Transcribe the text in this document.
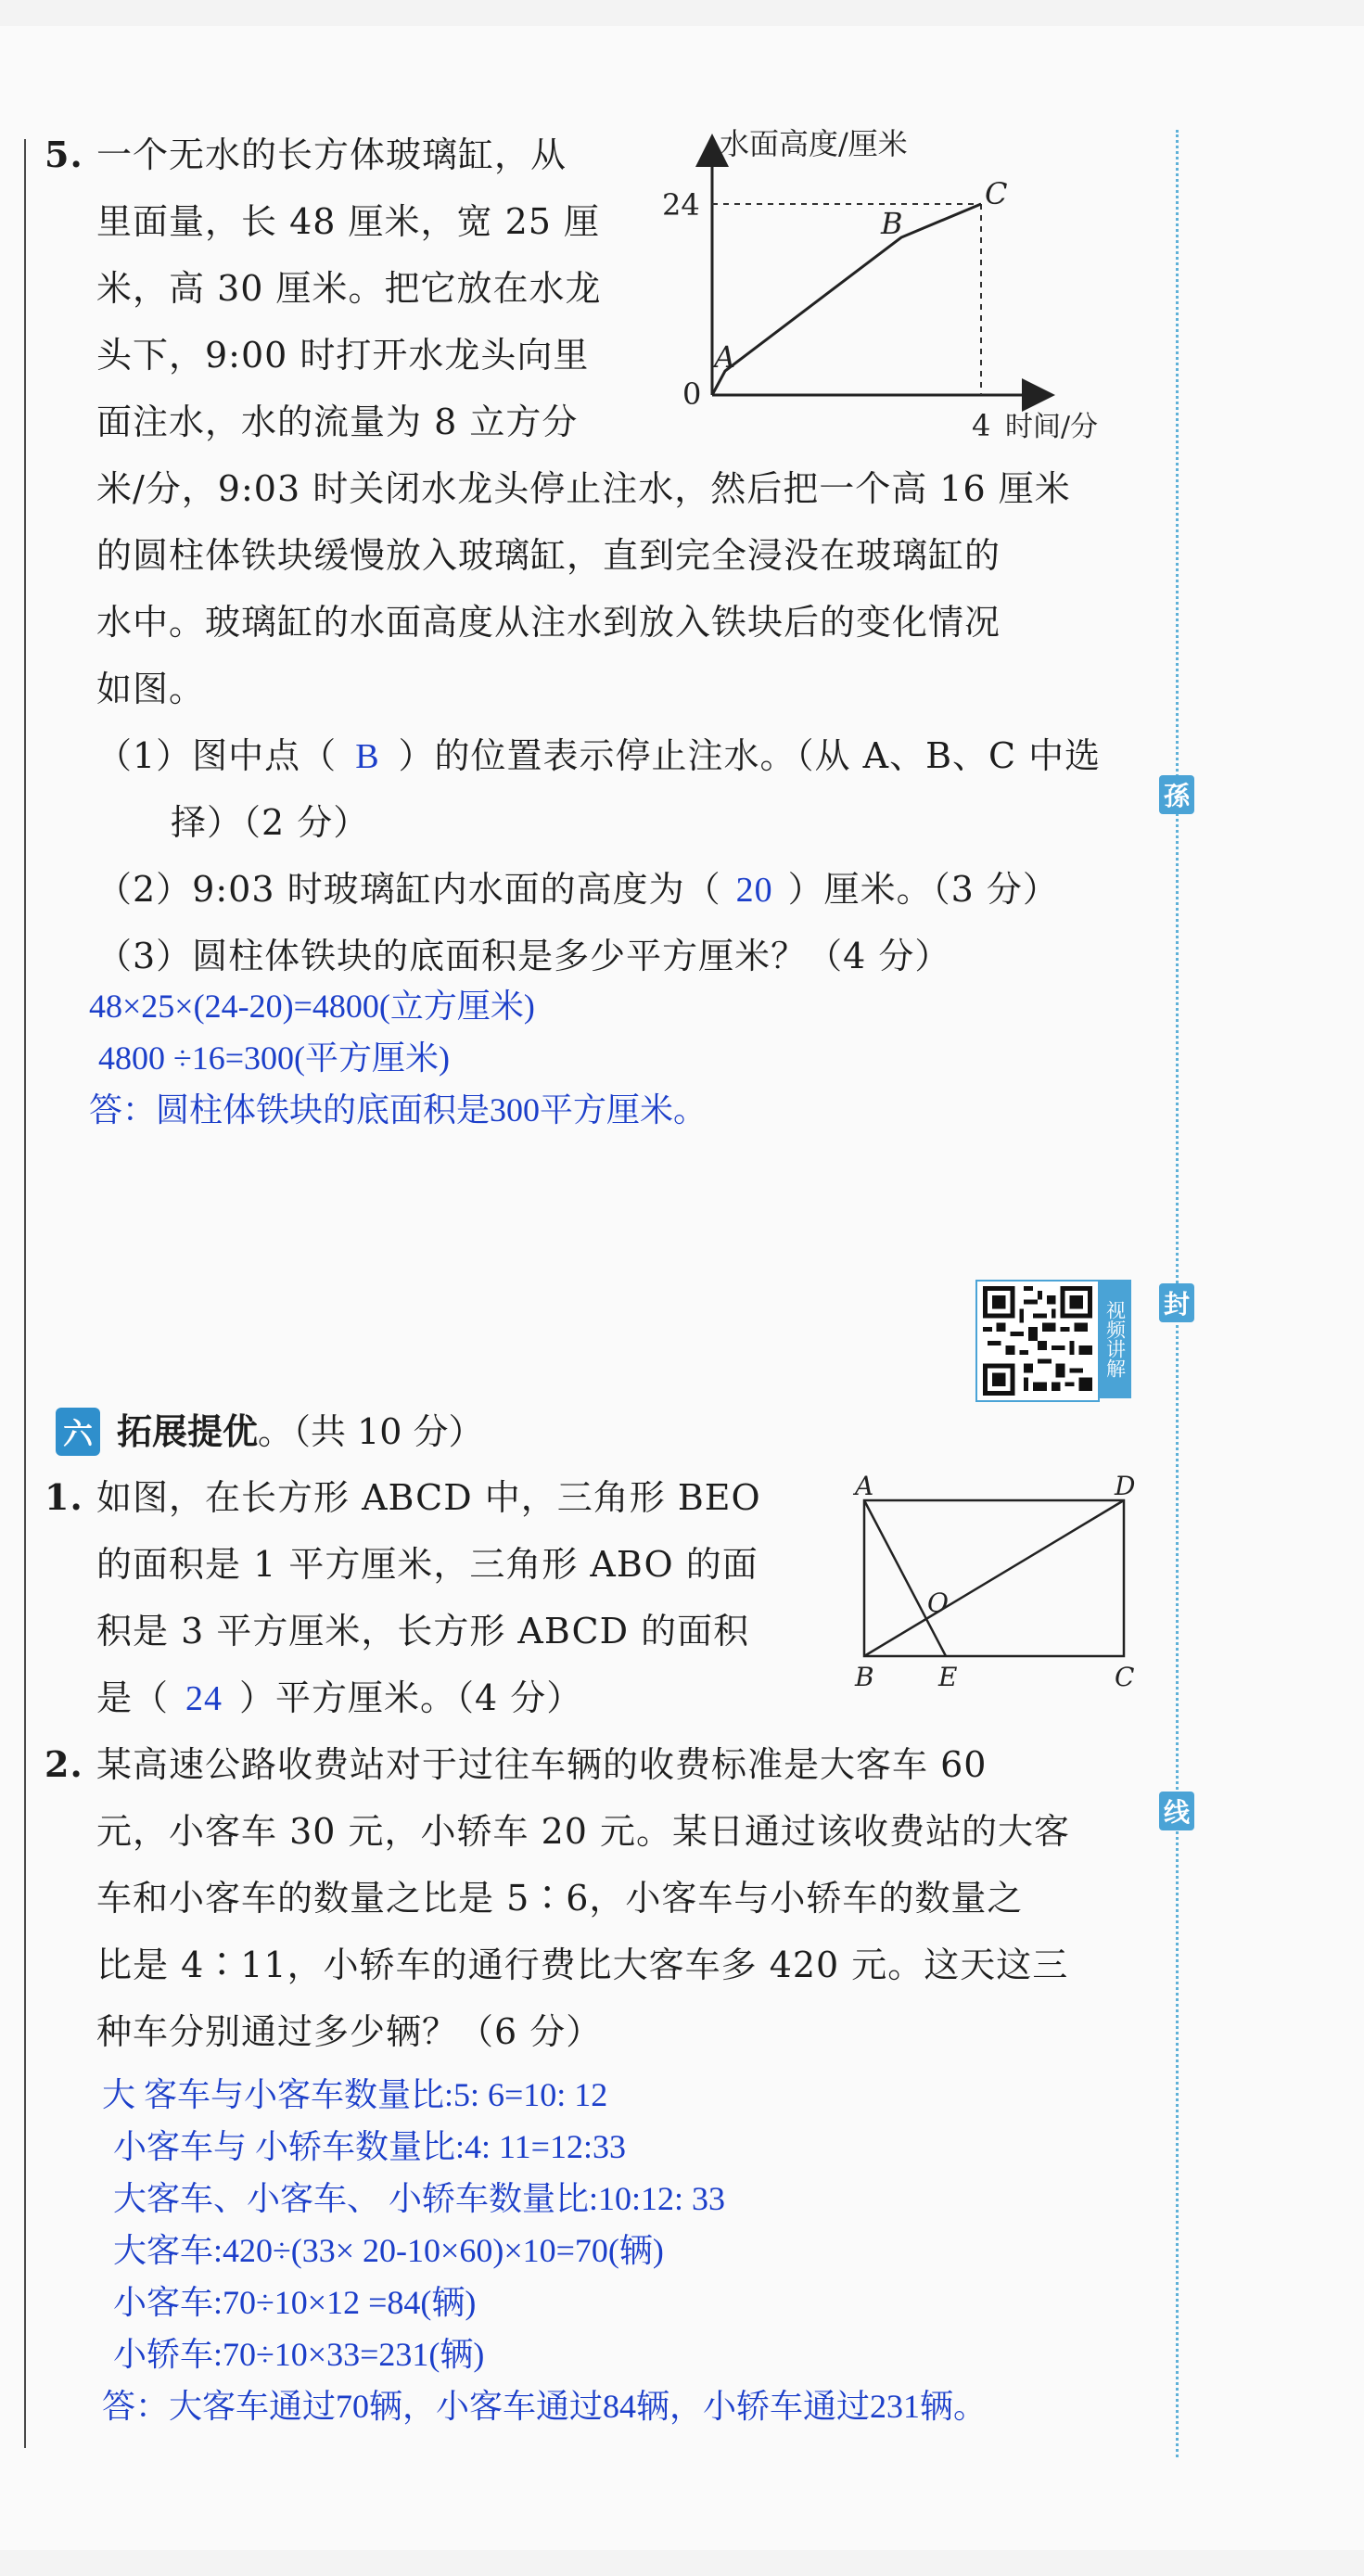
孫
封
线
5. 一个无水的长方体玻璃缸，从
里面量，长 48 厘米，宽 25 厘
米，高 30 厘米。把它放在水龙
头下，9:00 时打开水龙头向里
面注水，水的流量为 8 立方分
米/分，9:03 时关闭水龙头停止注水，然后把一个高 16 厘米
的圆柱体铁块缓慢放入玻璃缸，直到完全浸没在玻璃缸的
水中。玻璃缸的水面高度从注水到放入铁块后的变化情况
如图。
水面高度/厘米
24
0
4 时间/分
A
B
C
（1）图中点（ B ）的位置表示停止注水。（从 A、B、C 中选
择）（2 分）
（2）9:03 时玻璃缸内水面的高度为（ 20 ）厘米。（3 分）
（3）圆柱体铁块的底面积是多少平方厘米？（4 分）
48×25×(24-20)=4800(立方厘米)
4800 ÷16=300(平方厘米)
答：圆柱体铁块的底面积是300平方厘米。
视频讲解
六 拓展提优。（共 10 分）
1. 如图，在长方形 ABCD 中，三角形 BEO
的面积是 1 平方厘米，三角形 ABO 的面
积是 3 平方厘米，长方形 ABCD 的面积
是（ 24 ）平方厘米。（4 分）
A	D
B E	C
O
2. 某高速公路收费站对于过往车辆的收费标准是大客车 60
元，小客车 30 元，小轿车 20 元。某日通过该收费站的大客
车和小客车的数量之比是 5∶6，小客车与小轿车的数量之
比是 4∶11，小轿车的通行费比大客车多 420 元。这天这三
种车分别通过多少辆？（6 分）
大 客车与小客车数量比:5: 6=10: 12
小客车与 小轿车数量比:4: 11=12:33
大客车、小客车、 小轿车数量比:10:12: 33
大客车:420÷(33× 20-10×60)×10=70(辆)
小客车:70÷10×12 =84(辆)
小轿车:70÷10×33=231(辆)
答：大客车通过70辆，小客车通过84辆，小轿车通过231辆。
